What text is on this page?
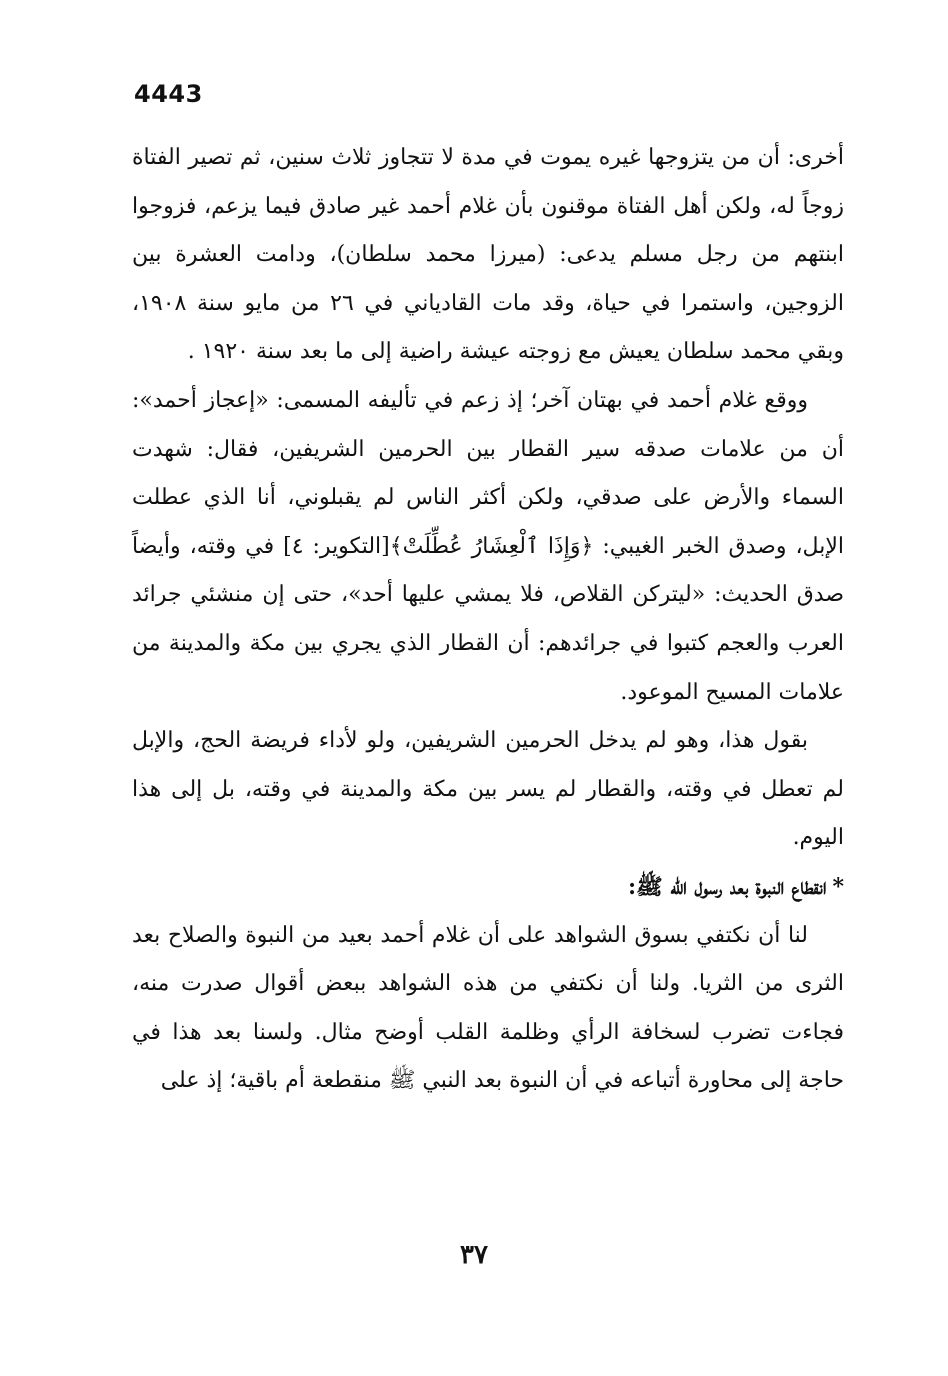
4443

أخرى: أن من يتزوجها غيره يموت في مدة لا تتجاوز ثلاث سنين، ثم تصير الفتاة زوجاً له، ولكن أهل الفتاة موقنون بأن غلام أحمد غير صادق فيما يزعم، فزوجوا ابنتهم من رجل مسلم يدعى: (ميرزا محمد سلطان)، ودامت العشرة بين الزوجين، واستمرا في حياة، وقد مات القادياني في ٢٦ من مايو سنة ١٩٠٨، وبقي محمد سلطان يعيش مع زوجته عيشة راضية إلى ما بعد سنة ١٩٢٠ .

ووقع غلام أحمد في بهتان آخر؛ إذ زعم في تأليفه المسمى: «إعجاز أحمد»: أن من علامات صدقه سير القطار بين الحرمين الشريفين، فقال: شهدت السماء والأرض على صدقي، ولكن أكثر الناس لم يقبلوني، أنا الذي عطلت الإبل، وصدق الخبر الغيبي: ﴿وَإِذَا ٱلْعِشَارُ عُطِّلَتْ﴾[التكوير: ٤] في وقته، وأيضاً صدق الحديث: «ليتركن القلاص، فلا يمشي عليها أحد»، حتى إن منشئي جرائد العرب والعجم كتبوا في جرائدهم: أن القطار الذي يجري بين مكة والمدينة من علامات المسيح الموعود.

بقول هذا، وهو لم يدخل الحرمين الشريفين، ولو لأداء فريضة الحج، والإبل لم تعطل في وقته، والقطار لم يسر بين مكة والمدينة في وقته، بل إلى هذا اليوم.

*انقطاع النبوة بعد رسول الله ﷺ:

لنا أن نكتفي بسوق الشواهد على أن غلام أحمد بعيد من النبوة والصلاح بعد الثرى من الثريا. ولنا أن نكتفي من هذه الشواهد ببعض أقوال صدرت منه، فجاءت تضرب لسخافة الرأي وظلمة القلب أوضح مثال. ولسنا بعد هذا في حاجة إلى محاورة أتباعه في أن النبوة بعد النبي ﷺ منقطعة أم باقية؛ إذ على

٣٧
